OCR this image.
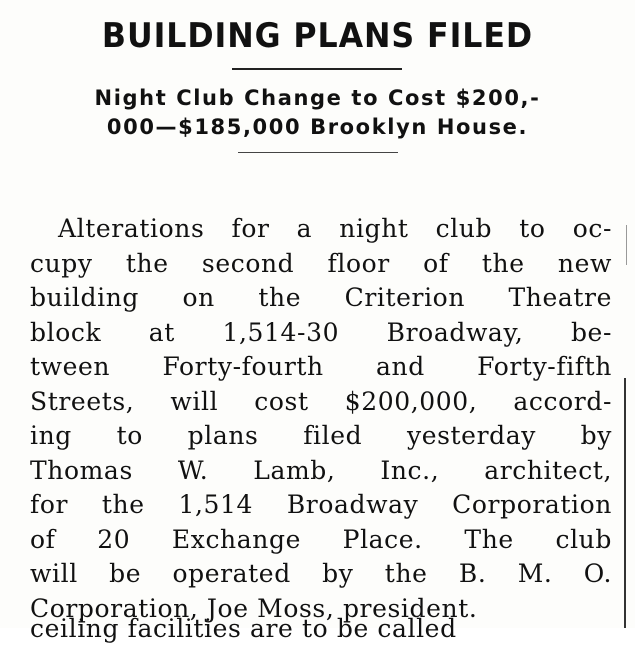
BUILDING PLANS FILED
Night Club Change to Cost $200,-
000—$185,000 Brooklyn House.
Alterations for a night club to oc-
cupy the second floor of the new
building on the Criterion Theatre
block at 1,514-30 Broadway, be-
tween Forty-fourth and Forty-fifth
Streets, will cost $200,000, accord-
ing to plans filed yesterday by
Thomas W. Lamb, Inc., architect,
for the 1,514 Broadway Corporation
of 20 Exchange Place. The club
will be operated by the B. M. O.
Corporation, Joe Moss, president.
ceiling facilities are to be called
